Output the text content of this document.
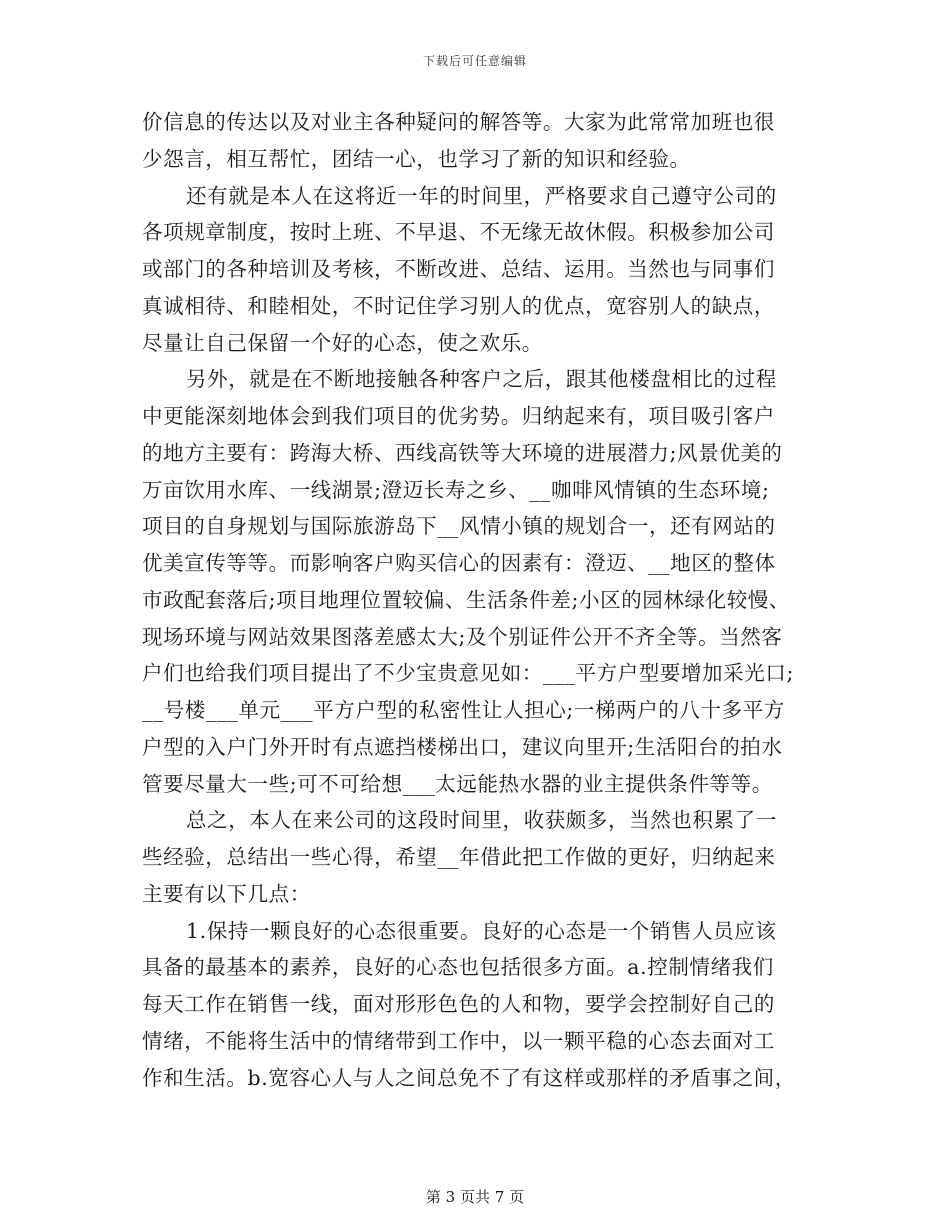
下载后可任意编辑
价信息的传达以及对业主各种疑问的解答等。大家为此常常加班也很
少怨言，相互帮忙，团结一心，也学习了新的知识和经验。
还有就是本人在这将近一年的时间里，严格要求自己遵守公司的
各项规章制度，按时上班、不早退、不无缘无故休假。积极参加公司
或部门的各种培训及考核，不断改进、总结、运用。当然也与同事们
真诚相待、和睦相处，不时记住学习别人的优点，宽容别人的缺点，
尽量让自己保留一个好的心态，使之欢乐。
另外，就是在不断地接触各种客户之后，跟其他楼盘相比的过程
中更能深刻地体会到我们项目的优劣势。归纳起来有，项目吸引客户
的地方主要有：跨海大桥、西线高铁等大环境的进展潜力;风景优美的
万亩饮用水库、一线湖景;澄迈长寿之乡、__咖啡风情镇的生态环境;
项目的自身规划与国际旅游岛下__风情小镇的规划合一，还有网站的
优美宣传等等。而影响客户购买信心的因素有：澄迈、__地区的整体
市政配套落后;项目地理位置较偏、生活条件差;小区的园林绿化较慢、
现场环境与网站效果图落差感太大;及个别证件公开不齐全等。当然客
户们也给我们项目提出了不少宝贵意见如：___平方户型要增加采光口;
__号楼___单元___平方户型的私密性让人担心;一梯两户的八十多平方
户型的入户门外开时有点遮挡楼梯出口，建议向里开;生活阳台的拍水
管要尽量大一些;可不可给想___太远能热水器的业主提供条件等等。
总之，本人在来公司的这段时间里，收获颇多，当然也积累了一
些经验，总结出一些心得，希望__年借此把工作做的更好，归纳起来
主要有以下几点：
1.保持一颗良好的心态很重要。良好的心态是一个销售人员应该
具备的最基本的素养，良好的心态也包括很多方面。a.控制情绪我们
每天工作在销售一线，面对形形色色的人和物，要学会控制好自己的
情绪，不能将生活中的情绪带到工作中，以一颗平稳的心态去面对工
作和生活。b.宽容心人与人之间总免不了有这样或那样的矛盾事之间，
第 3 页共 7 页
